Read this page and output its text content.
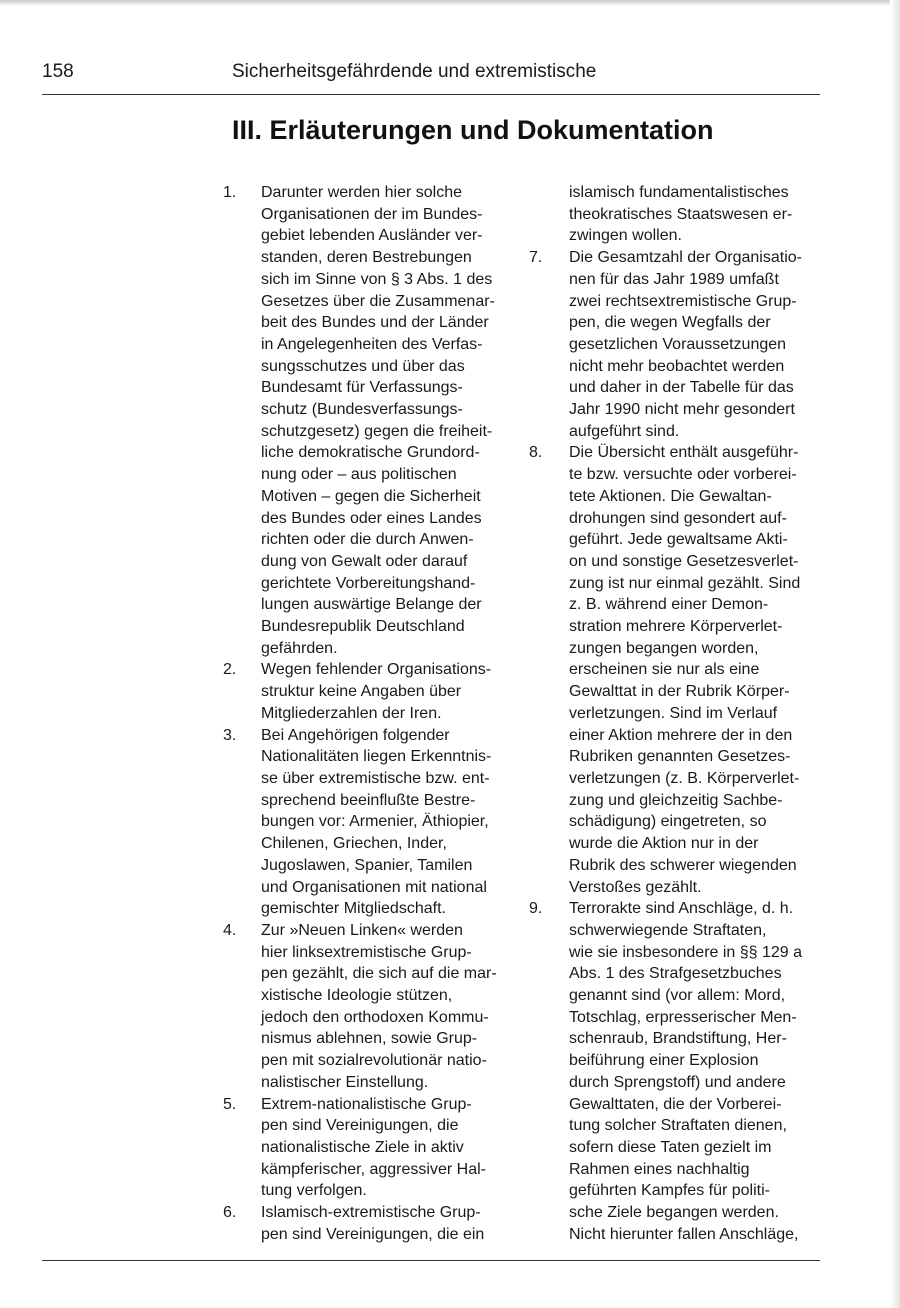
158	Sicherheitsgefährdende und extremistische
III. Erläuterungen und Dokumentation
1.	Darunter werden hier solche
Organisationen der im Bundes-
gebiet lebenden Ausländer ver-
standen, deren Bestrebungen
sich im Sinne von § 3 Abs. 1 des
Gesetzes über die Zusammenar-
beit des Bundes und der Länder
in Angelegenheiten des Verfas-
sungsschutzes und über das
Bundesamt für Verfassungs-
schutz (Bundesverfassungs-
schutzgesetz) gegen die freiheit-
liche demokratische Grundord-
nung oder – aus politischen
Motiven – gegen die Sicherheit
des Bundes oder eines Landes
richten oder die durch Anwen-
dung von Gewalt oder darauf
gerichtete Vorbereitungshand-
lungen auswärtige Belange der
Bundesrepublik Deutschland
gefährden.
2.	Wegen fehlender Organisations-
struktur keine Angaben über
Mitgliederzahlen der Iren.
3.	Bei Angehörigen folgender
Nationalitäten liegen Erkenntnis-
se über extremistische bzw. ent-
sprechend beeinflußte Bestre-
bungen vor: Armenier, Äthiopier,
Chilenen, Griechen, Inder,
Jugoslawen, Spanier, Tamilen
und Organisationen mit national
gemischter Mitgliedschaft.
4.	Zur »Neuen Linken« werden
hier linksextremistische Grup-
pen gezählt, die sich auf die mar-
xistische Ideologie stützen,
jedoch den orthodoxen Kommu-
nismus ablehnen, sowie Grup-
pen mit sozialrevolutionär natio-
nalistischer Einstellung.
5.	Extrem-nationalistische Grup-
pen sind Vereinigungen, die
nationalistische Ziele in aktiv
kämpferischer, aggressiver Hal-
tung verfolgen.
6.	Islamisch-extremistische Grup-
pen sind Vereinigungen, die ein
islamisch fundamentalistisches
theokratisches Staatswesen er-
zwingen wollen.
7.	Die Gesamtzahl der Organisatio-
nen für das Jahr 1989 umfaßt
zwei rechtsextremistische Grup-
pen, die wegen Wegfalls der
gesetzlichen Voraussetzungen
nicht mehr beobachtet werden
und daher in der Tabelle für das
Jahr 1990 nicht mehr gesondert
aufgeführt sind.
8.	Die Übersicht enthält ausgeführ-
te bzw. versuchte oder vorberei-
tete Aktionen. Die Gewaltan-
drohungen sind gesondert auf-
geführt. Jede gewaltsame Akti-
on und sonstige Gesetzesverlet-
zung ist nur einmal gezählt. Sind
z. B. während einer Demon-
stration mehrere Körperverlet-
zungen begangen worden,
erscheinen sie nur als eine
Gewalttat in der Rubrik Körper-
verletzungen. Sind im Verlauf
einer Aktion mehrere der in den
Rubriken genannten Gesetzes-
verletzungen (z. B. Körperverlet-
zung und gleichzeitig Sachbe-
schädigung) eingetreten, so
wurde die Aktion nur in der
Rubrik des schwerer wiegenden
Verstoßes gezählt.
9.	Terrorakte sind Anschläge, d. h.
schwerwiegende Straftaten,
wie sie insbesondere in §§ 129 a
Abs. 1 des Strafgesetzbuches
genannt sind (vor allem: Mord,
Totschlag, erpresserischer Men-
schenraub, Brandstiftung, Her-
beiführung einer Explosion
durch Sprengstoff) und andere
Gewalttaten, die der Vorberei-
tung solcher Straftaten dienen,
sofern diese Taten gezielt im
Rahmen eines nachhaltig
geführten Kampfes für politi-
sche Ziele begangen werden.
Nicht hierunter fallen Anschläge,
